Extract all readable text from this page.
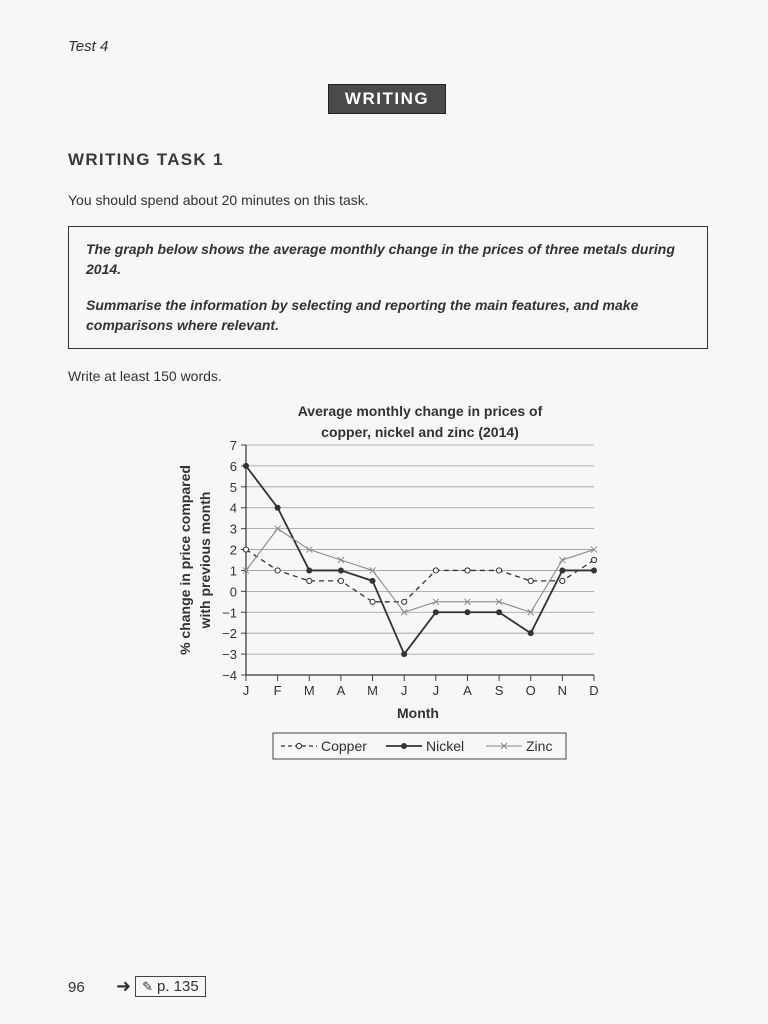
Test 4
WRITING
WRITING TASK 1
You should spend about 20 minutes on this task.

The graph below shows the average monthly change in the prices of three metals during 2014.

Summarise the information by selecting and reporting the main features, and make comparisons where relevant.

Write at least 150 words.
Average monthly change in prices of
copper, nickel and zinc (2014)
7
6
5
4
3
2
1
0
−1
−2
−3
−4
J F M A M J J A S O N D
Month
% change in price compared with previous month
Copper	Nickel	Zinc
96 ➜ ✎ p. 135
